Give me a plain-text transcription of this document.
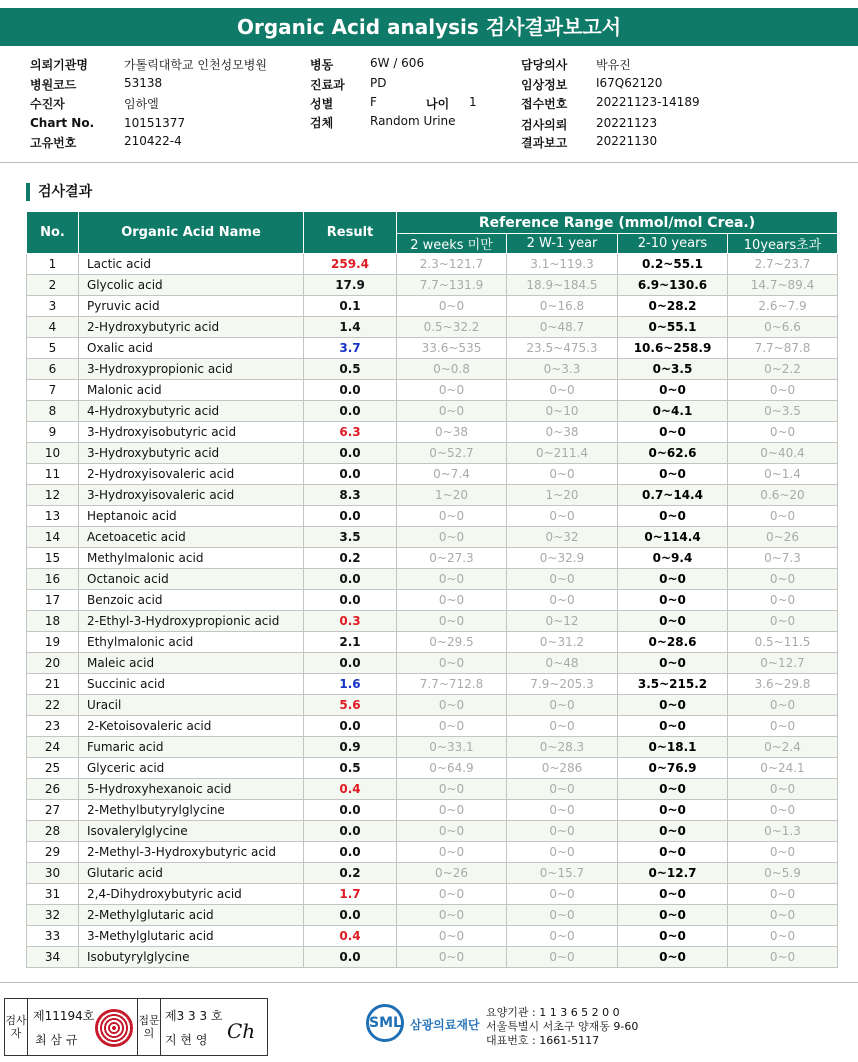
Organic Acid analysis 검사결과보고서
의뢰기관명	가톨릭대학교 인천성모병원
병원코드	53138
수진자	임하엘
Chart No. 10151377
고유번호	210422-4
병동	6W / 606
진료과 PD
성별	F	나이 1
검체	Random Urine
담당의사 박유진
임상정보 I67Q62120
접수번호 20221123-14189
검사의뢰 20221123
결과보고 20221130
검사결과
No.	Organic Acid Name	Result	Reference Range (mmol/mol Crea.)			
			2 weeks 미만	2 W-1 year	2-10 years	10years초과
1	Lactic acid	259.4	2.3~121.7	3.1~119.3	0.2~55.1	2.7~23.7
2	Glycolic acid	17.9	7.7~131.9	18.9~184.5	6.9~130.6	14.7~89.4
3	Pyruvic acid	0.1	0~0	0~16.8	0~28.2	2.6~7.9
4	2-Hydroxybutyric acid	1.4	0.5~32.2	0~48.7	0~55.1	0~6.6
5	Oxalic acid	3.7	33.6~535	23.5~475.3	10.6~258.9	7.7~87.8
6	3-Hydroxypropionic acid	0.5	0~0.8	0~3.3	0~3.5	0~2.2
7	Malonic acid	0.0	0~0	0~0	0~0	0~0
8	4-Hydroxybutyric acid	0.0	0~0	0~10	0~4.1	0~3.5
9	3-Hydroxyisobutyric acid	6.3	0~38	0~38	0~0	0~0
10	3-Hydroxybutyric acid	0.0	0~52.7	0~211.4	0~62.6	0~40.4
11	2-Hydroxyisovaleric acid	0.0	0~7.4	0~0	0~0	0~1.4
12	3-Hydroxyisovaleric acid	8.3	1~20	1~20	0.7~14.4	0.6~20
13	Heptanoic acid	0.0	0~0	0~0	0~0	0~0
14	Acetoacetic acid	3.5	0~0	0~32	0~114.4	0~26
15	Methylmalonic acid	0.2	0~27.3	0~32.9	0~9.4	0~7.3
16	Octanoic acid	0.0	0~0	0~0	0~0	0~0
17	Benzoic acid	0.0	0~0	0~0	0~0	0~0
18	2-Ethyl-3-Hydroxypropionic acid	0.3	0~0	0~12	0~0	0~0
19	Ethylmalonic acid	2.1	0~29.5	0~31.2	0~28.6	0.5~11.5
20	Maleic acid	0.0	0~0	0~48	0~0	0~12.7
21	Succinic acid	1.6	7.7~712.8	7.9~205.3	3.5~215.2	3.6~29.8
22	Uracil	5.6	0~0	0~0	0~0	0~0
23	2-Ketoisovaleric acid	0.0	0~0	0~0	0~0	0~0
24	Fumaric acid	0.9	0~33.1	0~28.3	0~18.1	0~2.4
25	Glyceric acid	0.5	0~64.9	0~286	0~76.9	0~24.1
26	5-Hydroxyhexanoic acid	0.4	0~0	0~0	0~0	0~0
27	2-Methylbutyrylglycine	0.0	0~0	0~0	0~0	0~0
28	Isovalerylglycine	0.0	0~0	0~0	0~0	0~1.3
29	2-Methyl-3-Hydroxybutyric acid	0.0	0~0	0~0	0~0	0~0
30	Glutaric acid	0.2	0~26	0~15.7	0~12.7	0~5.9
31	2,4-Dihydroxybutyric acid	1.7	0~0	0~0	0~0	0~0
32	2-Methylglutaric acid	0.0	0~0	0~0	0~0	0~0
33	3-Methylglutaric acid	0.4	0~0	0~0	0~0	0~0
34	Isobutyrylglycine	0.0	0~0	0~0	0~0	0~0
검사자
제11194호
최 삼 규
접문의
제3 3 3 호
지 현 영 Ch	SML 삼광의료재단
요양기관 : 1 1 3 6 5 2 0 0
서울특별시 서초구 양재동 9-60
대표번호 : 1661-5117
